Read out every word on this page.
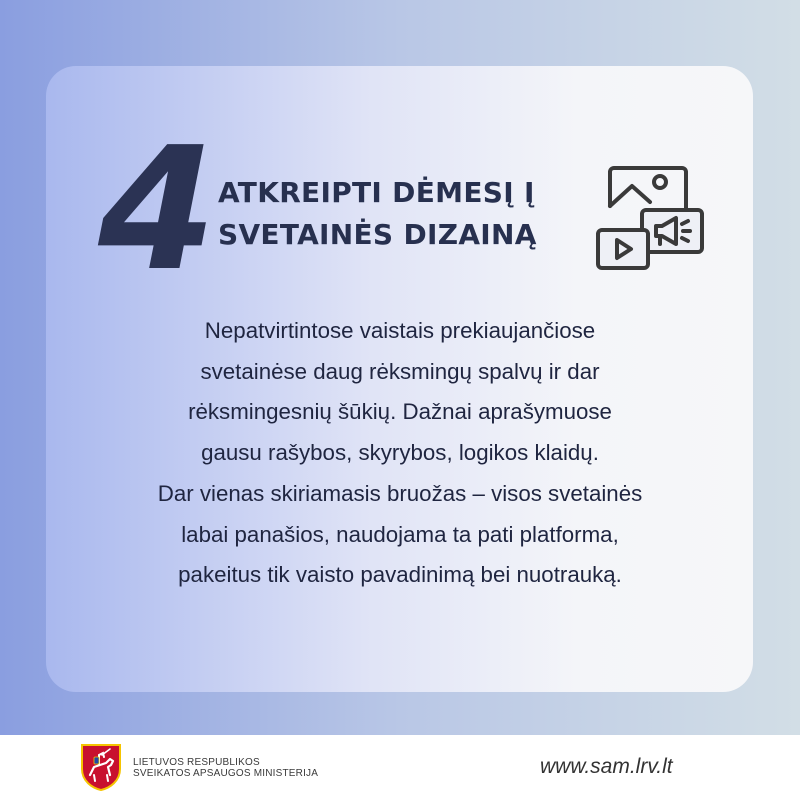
4 ATKREIPTI DĖMESĮ Į
SVETAINĖS DIZAINĄ
Nepatvirtintose vaistais prekiaujančiose
svetainėse daug rėksmingų spalvų ir dar
rėksmingesnių šūkių. Dažnai aprašymuose
gausu rašybos, skyrybos, logikos klaidų.
Dar vienas skiriamasis bruožas – visos svetainės
labai panašios, naudojama ta pati platforma,
pakeitus tik vaisto pavadinimą bei nuotrauką.
LIETUVOS RESPUBLIKOS
SVEIKATOS APSAUGOS MINISTERIJA	www.sam.lrv.lt
